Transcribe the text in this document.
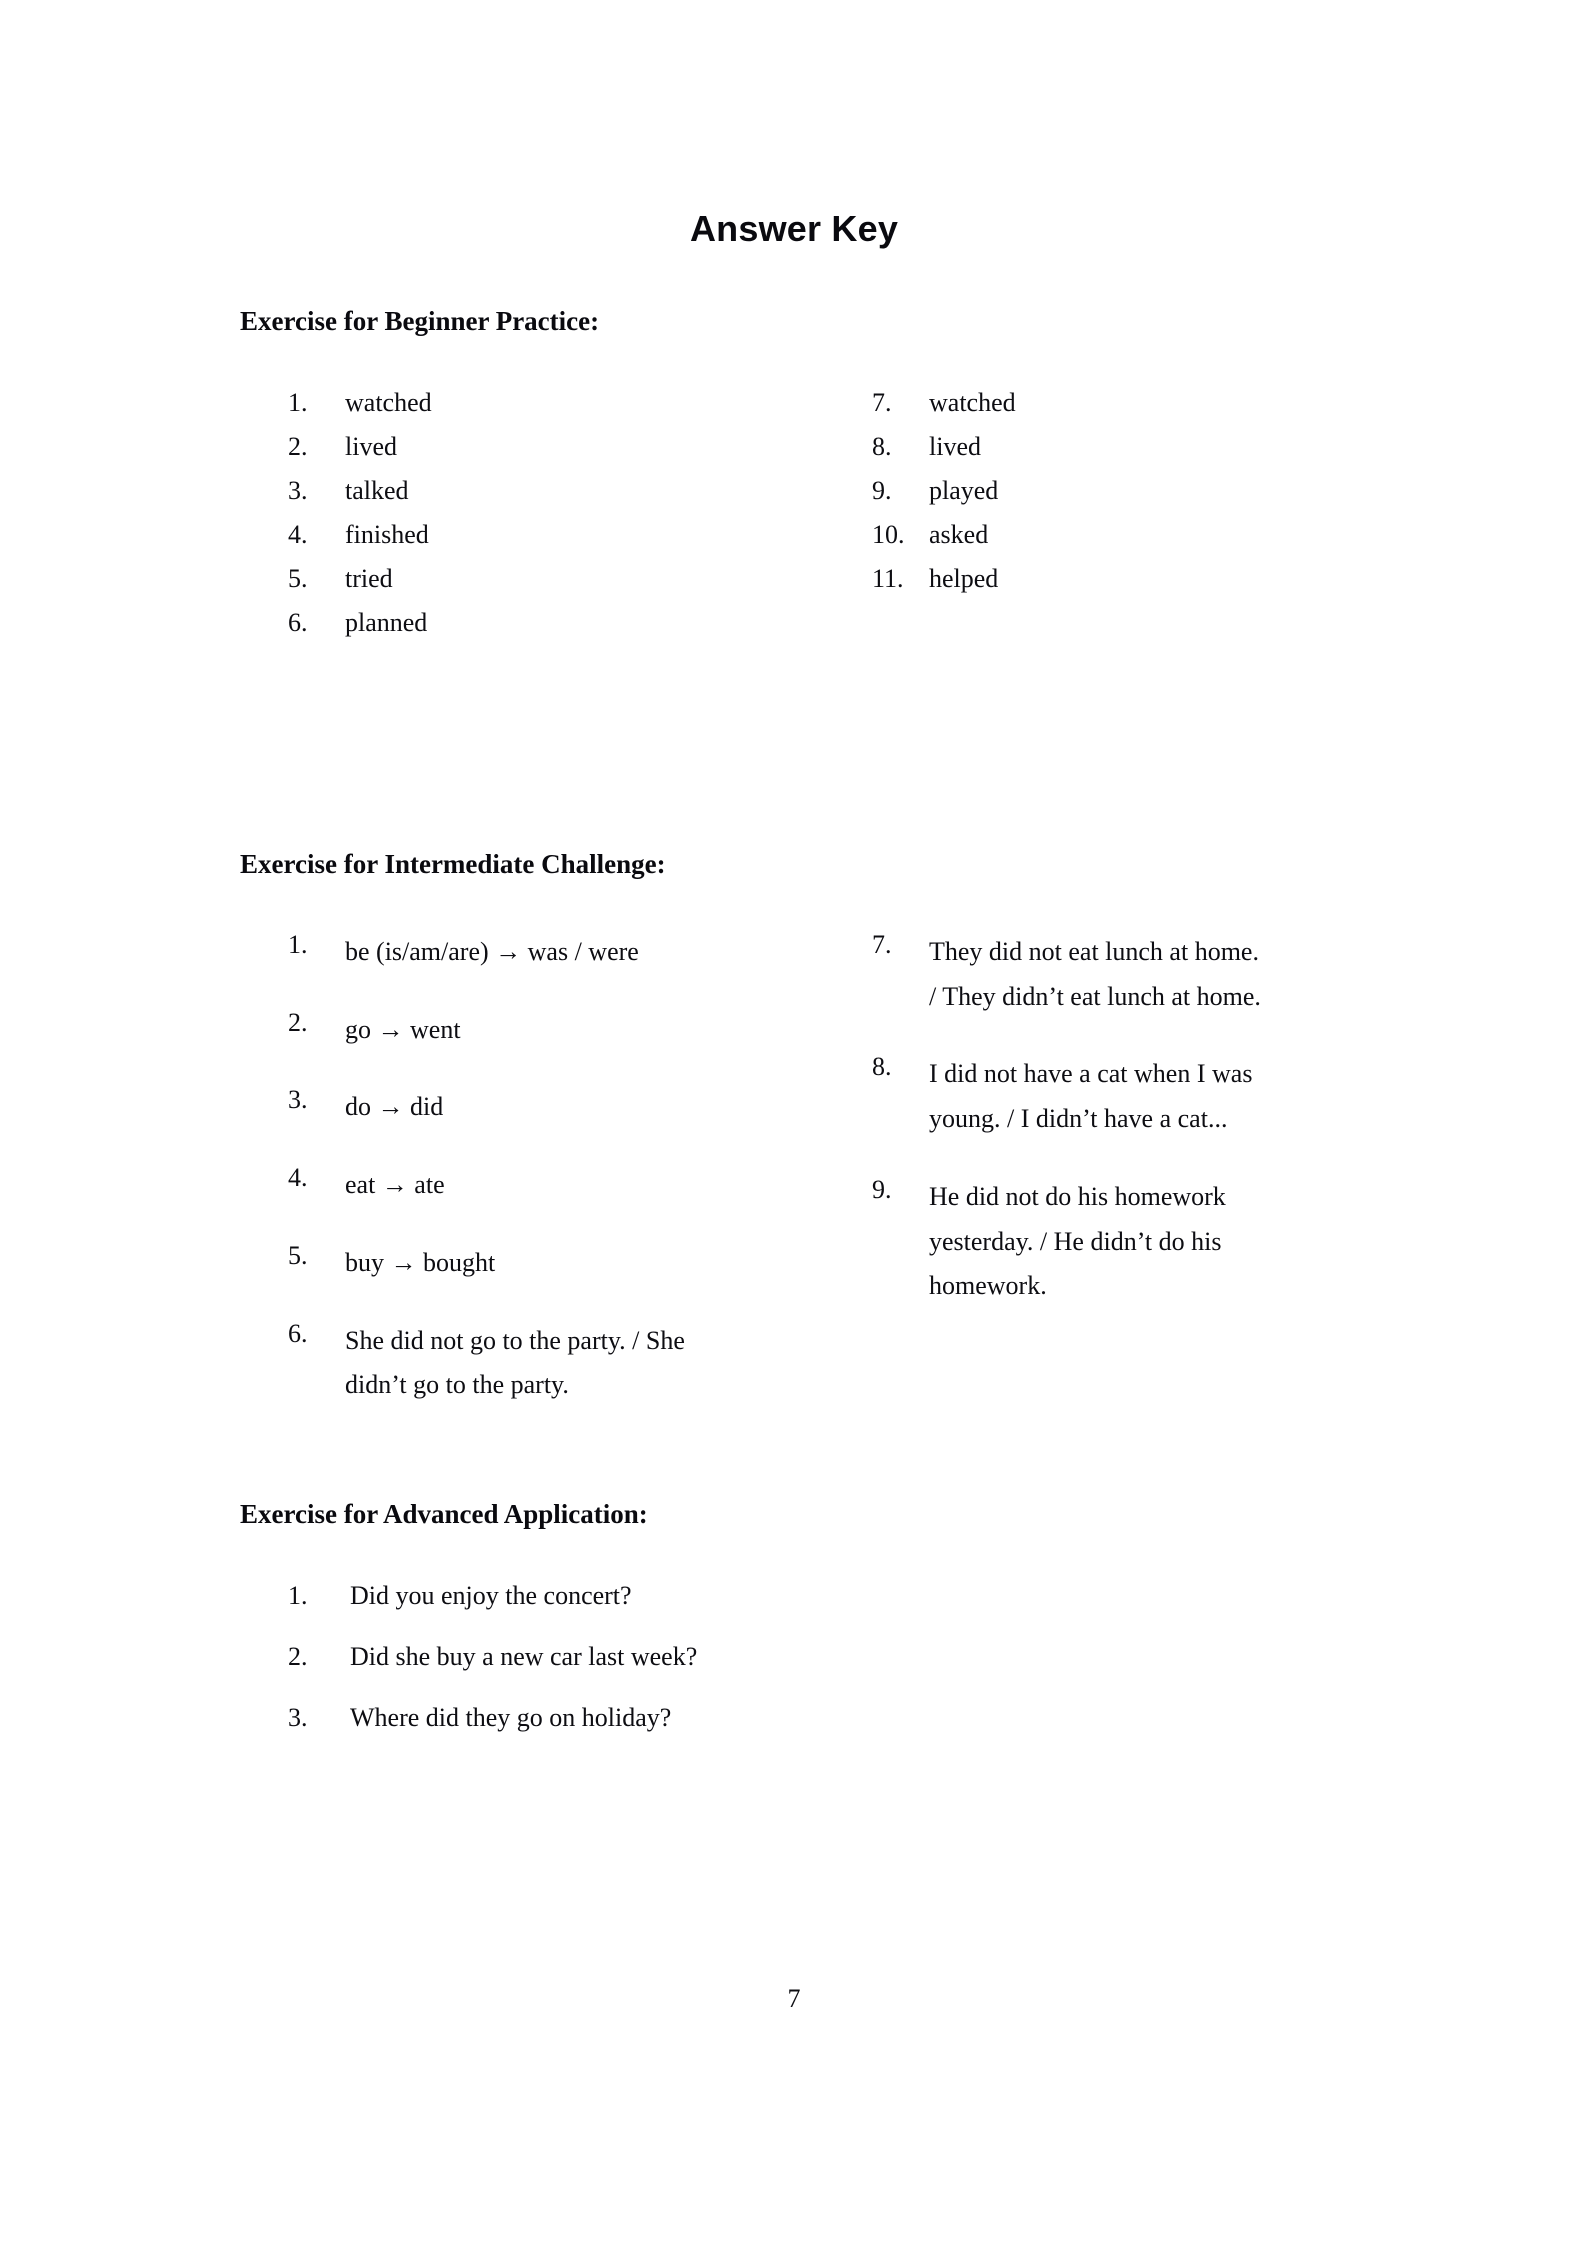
Answer Key
Exercise for Beginner Practice:
1.	watched
2.	lived
3.	talked
4.	finished
5.	tried
6.	planned
7.	watched
8.	lived
9.	played
10. asked
11. helped
Exercise for Intermediate Challenge:
1.	be (is/am/are) → was / were
2.	go → went
3.	do → did
4.	eat → ate
5.	buy → bought
6.	She did not go to the party. / She didn’t go to the party.
7.	They did not eat lunch at home. / They didn’t eat lunch at home.
8.	I did not have a cat when I was young. / I didn’t have a cat...
9.	He did not do his homework yesterday. / He didn’t do his homework.
Exercise for Advanced Application:
1.	Did you enjoy the concert?
2.	Did she buy a new car last week?
3.	Where did they go on holiday?
7
